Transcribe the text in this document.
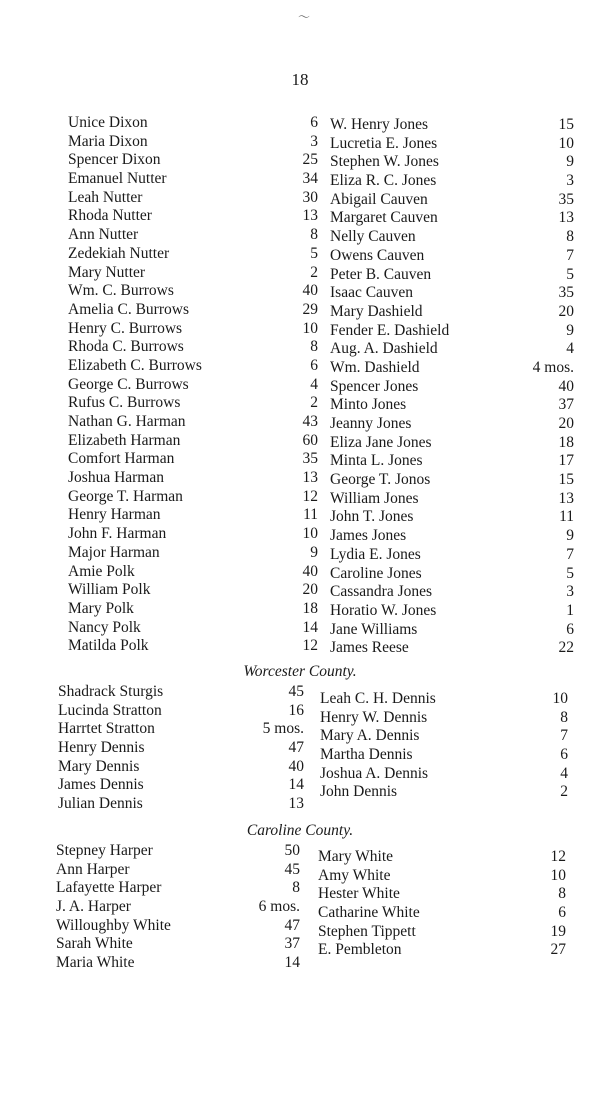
〜
18
Unice Dixon	6
Maria Dixon	3
Spencer Dixon	25
Emanuel Nutter	34
Leah Nutter	30
Rhoda Nutter	13
Ann Nutter	8
Zedekiah Nutter	5
Mary Nutter	2
Wm. C. Burrows	40
Amelia C. Burrows	29
Henry C. Burrows	10
Rhoda C. Burrows	8
Elizabeth C. Burrows	6
George C. Burrows	4
Rufus C. Burrows	2
Nathan G. Harman	43
Elizabeth Harman	60
Comfort Harman	35
Joshua Harman	13
George T. Harman	12
Henry Harman	11
John F. Harman	10
Major Harman	9
Amie Polk	40
William Polk	20
Mary Polk	18
Nancy Polk	14
Matilda Polk	12
W. Henry Jones	15
Lucretia E. Jones	10
Stephen W. Jones	9
Eliza R. C. Jones	3
Abigail Cauven	35
Margaret Cauven	13
Nelly Cauven	8
Owens Cauven	7
Peter B. Cauven	5
Isaac Cauven	35
Mary Dashield	20
Fender E. Dashield	9
Aug. A. Dashield	4
Wm. Dashield	4 mos.
Spencer Jones	40
Minto Jones	37
Jeanny Jones	20
Eliza Jane Jones	18
Minta L. Jones	17
George T. Jonos	15
William Jones	13
John T. Jones	11
James Jones	9
Lydia E. Jones	7
Caroline Jones	5
Cassandra Jones	3
Horatio W. Jones	1
Jane Williams	6
James Reese	22
Worcester County.
Shadrack Sturgis	45
Lucinda Stratton	16
Harrtet Stratton	5 mos.
Henry Dennis	47
Mary Dennis	40
James Dennis	14
Julian Dennis	13
Leah C. H. Dennis	10
Henry W. Dennis	8
Mary A. Dennis	7
Martha Dennis	6
Joshua A. Dennis	4
John Dennis	2
Caroline County.
Stepney Harper	50
Ann Harper	45
Lafayette Harper	8
J. A. Harper	6 mos.
Willoughby White	47
Sarah White	37
Maria White	14
Mary White	12
Amy White	10
Hester White	8
Catharine White	6
Stephen Tippett	19
E. Pembleton	27
